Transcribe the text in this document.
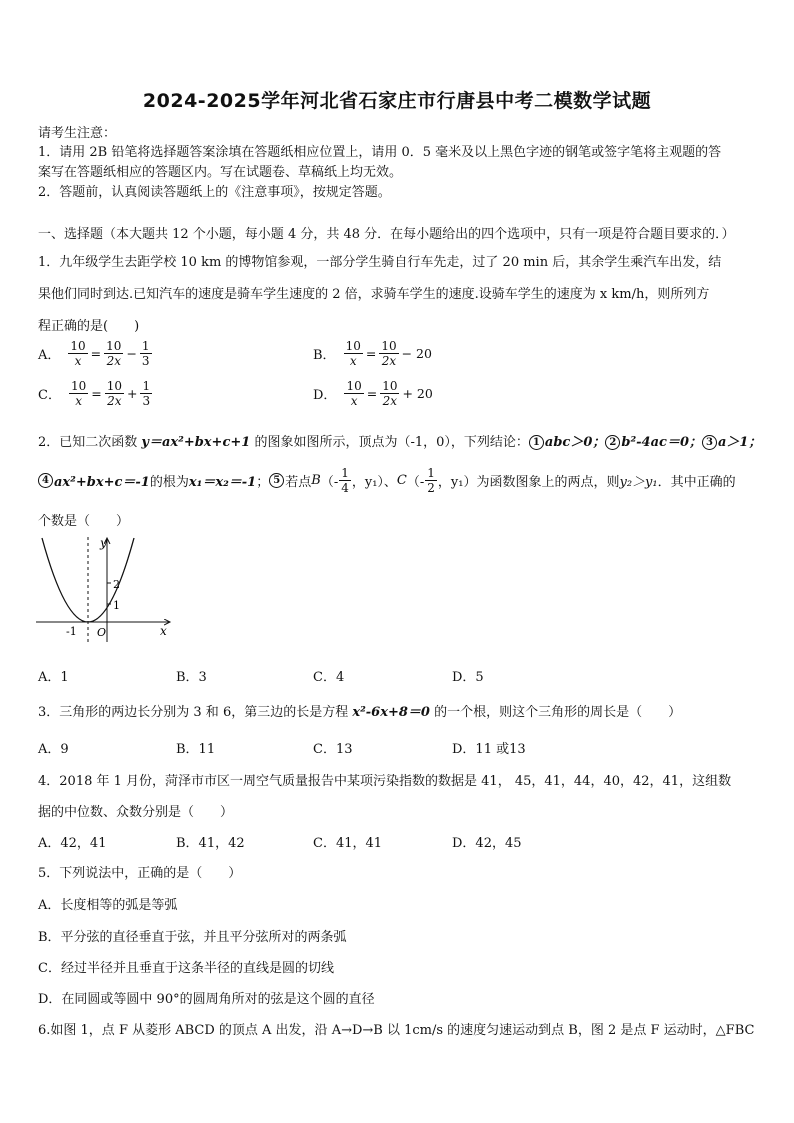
2024-2025学年河北省石家庄市行唐县中考二模数学试题
请考生注意：
1．请用 2B 铅笔将选择题答案涂填在答题纸相应位置上，请用 0．5 毫米及以上黑色字迹的钢笔或签字笔将主观题的答
案写在答题纸相应的答题区内。写在试题卷、草稿纸上均无效。
2．答题前，认真阅读答题纸上的《注意事项》，按规定答题。
一、选择题（本大题共 12 个小题，每小题 4 分，共 48 分．在每小题给出的四个选项中，只有一项是符合题目要求的．）
1．九年级学生去距学校 10 km 的博物馆参观，一部分学生骑自行车先走，过了 20 min 后，其余学生乘汽车出发，结
果他们同时到达.已知汽车的速度是骑车学生速度的 2 倍，求骑车学生的速度.设骑车学生的速度为 x km/h，则所列方
程正确的是(　　)
A． $\frac{10}{x} = \frac{10}{2x} - \frac{1}{3}$	B． $\frac{10}{x} = \frac{10}{2x} - 20$
C． $\frac{10}{x} = \frac{10}{2x} + \frac{1}{3}$	D． $\frac{10}{x} = \frac{10}{2x} + 20$
2．已知二次函数 y＝ax²+bx+c+1 的图象如图所示，顶点为（-1，0），下列结论： 1 abc＞0； 2 b²-4ac＝0； 3 a＞1；
4 ax²+bx+c＝-1 的根为 x₁＝x₂＝-1 ； 5 若点 B （- $\frac{1}{4}$ ，y₁）、 C （- $\frac{1}{2}$ ，y₁）为函数图象上的两点，则 y₂＞y₁ ．其中正确的
个数是（　　）
y
x
2
1
-1 O
A．1	B．3	C．4	D．5
3．三角形的两边长分别为 3 和 6，第三边的长是方程 x²-6x+8＝0 的一个根，则这个三角形的周长是（　　）
A．9	B．11	C．13	D．11 或13
4．2018 年 1 月份，菏泽市市区一周空气质量报告中某项污染指数的数据是 41， 45，41，44，40，42，41，这组数
据的中位数、众数分别是（　　）
A．42，41	B．41，42	C．41，41	D．42，45
5．下列说法中，正确的是（　　）
A．长度相等的弧是等弧
B．平分弦的直径垂直于弦，并且平分弦所对的两条弧
C．经过半径并且垂直于这条半径的直线是圆的切线
D．在同圆或等圆中 90°的圆周角所对的弦是这个圆的直径
6.如图 1，点 F 从菱形 ABCD 的顶点 A 出发，沿 A→D→B 以 1cm/s 的速度匀速运动到点 B，图 2 是点 F 运动时，△FBC
